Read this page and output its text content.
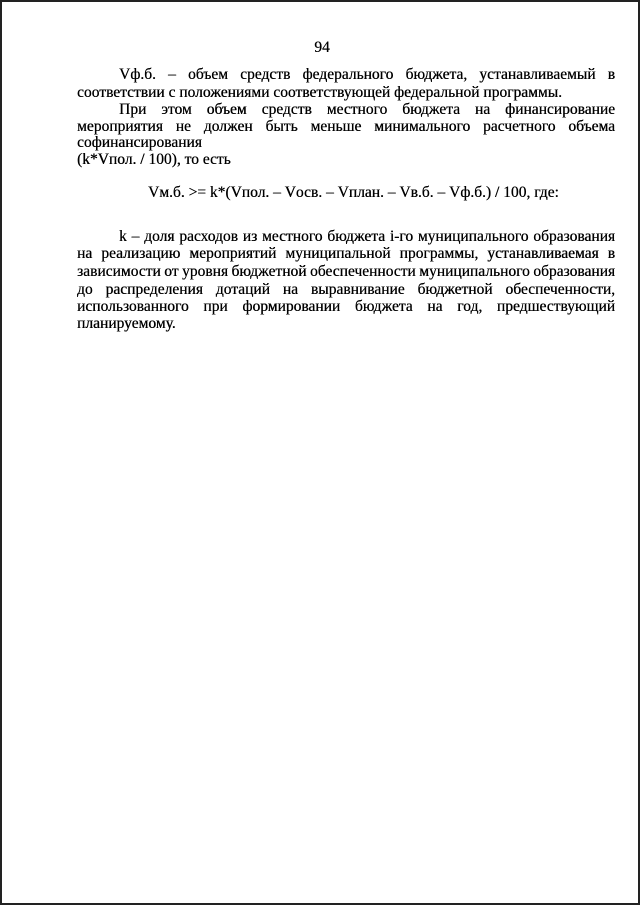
94
Vф.б. – объем средств федерального бюджета, устанавливаемый в
соответствии с положениями соответствующей федеральной программы.
При этом объем средств местного бюджета на финансирование
мероприятия не должен быть меньше минимального расчетного объема
софинансирования
(k*Vпол. / 100), то есть
Vм.б. >= k*(Vпол. – Vосв. – Vплан. – Vв.б. – Vф.б.) / 100, где:
k – доля расходов из местного бюджета i-го муниципального образования
на реализацию мероприятий муниципальной программы, устанавливаемая в
зависимости от уровня бюджетной обеспеченности муниципального образования
до распределения дотаций на выравнивание бюджетной обеспеченности,
использованного при формировании бюджета на год, предшествующий
планируемому.
